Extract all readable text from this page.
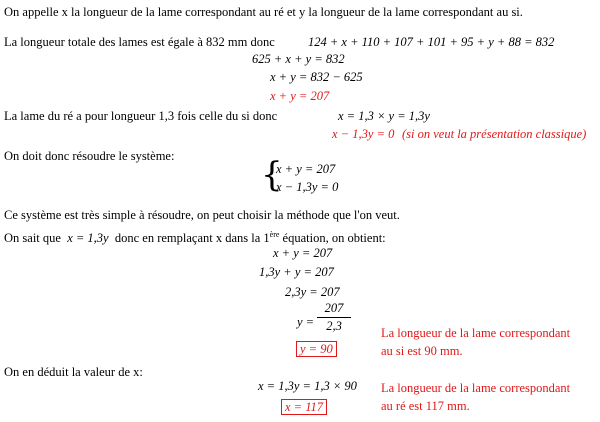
On appelle x la longueur de la lame correspondant au ré et y la longueur de la lame correspondant au si.
La longueur totale des lames est égale à 832 mm donc	124 + x + 110 + 107 + 101 + 95 + y + 88 = 832
625 + x + y = 832
x + y = 832 − 625
x + y = 207
La lame du ré a pour longueur 1,3 fois celle du si donc	x = 1,3 × y = 1,3y
x − 1,3y = 0 (si on veut la présentation classique)
On doit donc résoudre le système:	{
x + y = 207
x − 1,3y = 0
Ce système est très simple à résoudre, on peut choisir la méthode que l'on veut.
On sait que x = 1,3y donc en remplaçant x dans la 1ère équation, on obtient:
x + y = 207
1,3y + y = 207
2,3y = 207
y =
207
2,3
y = 90
La longueur de la lame correspondant
au si est 90 mm.
On en déduit la valeur de x:
x = 1,3y = 1,3 × 90
x = 117
La longueur de la lame correspondant
au ré est 117 mm.
